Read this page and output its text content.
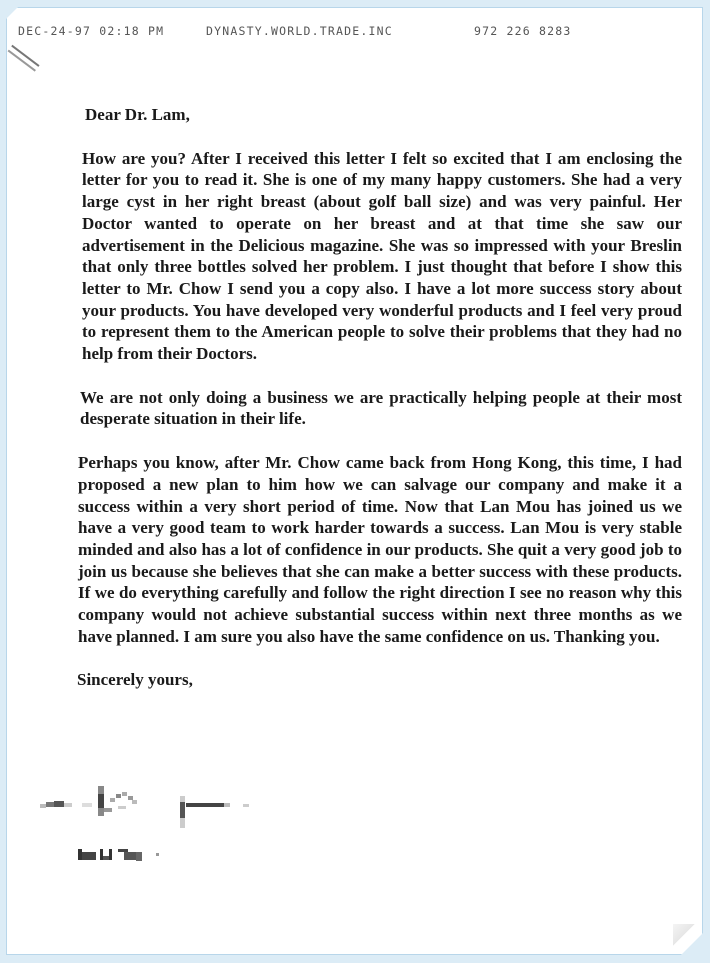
DEC-24-97 02:18 PM	DYNASTY.WORLD.TRADE.INC	972 226 8283
Dear Dr. Lam,
How are you? After I received this letter I felt so excited that I am enclosing the letter for you to read it. She is one of my many happy customers. She had a very large cyst in her right breast (about golf ball size) and was very painful. Her Doctor wanted to operate on her breast and at that time she saw our advertisement in the Delicious magazine. She was so impressed with your Breslin that only three bottles solved her problem. I just thought that before I show this letter to Mr. Chow I send you a copy also. I have a lot more success story about your products. You have developed very wonderful products and I feel very proud to represent them to the American people to solve their problems that they had no help from their Doctors.
We are not only doing a business we are practically helping people at their most desperate situation in their life.
Perhaps you know, after Mr. Chow came back from Hong Kong, this time, I had proposed a new plan to him how we can salvage our company and make it a success within a very short period of time. Now that Lan Mou has joined us we have a very good team to work harder towards a success. Lan Mou is very stable minded and also has a lot of confidence in our products. She quit a very good job to join us because she believes that she can make a better success with these products. If we do everything carefully and follow the right direction I see no reason why this company would not achieve substantial success within next three months as we have planned. I am sure you also have the same confidence on us. Thanking you.
Sincerely yours,
